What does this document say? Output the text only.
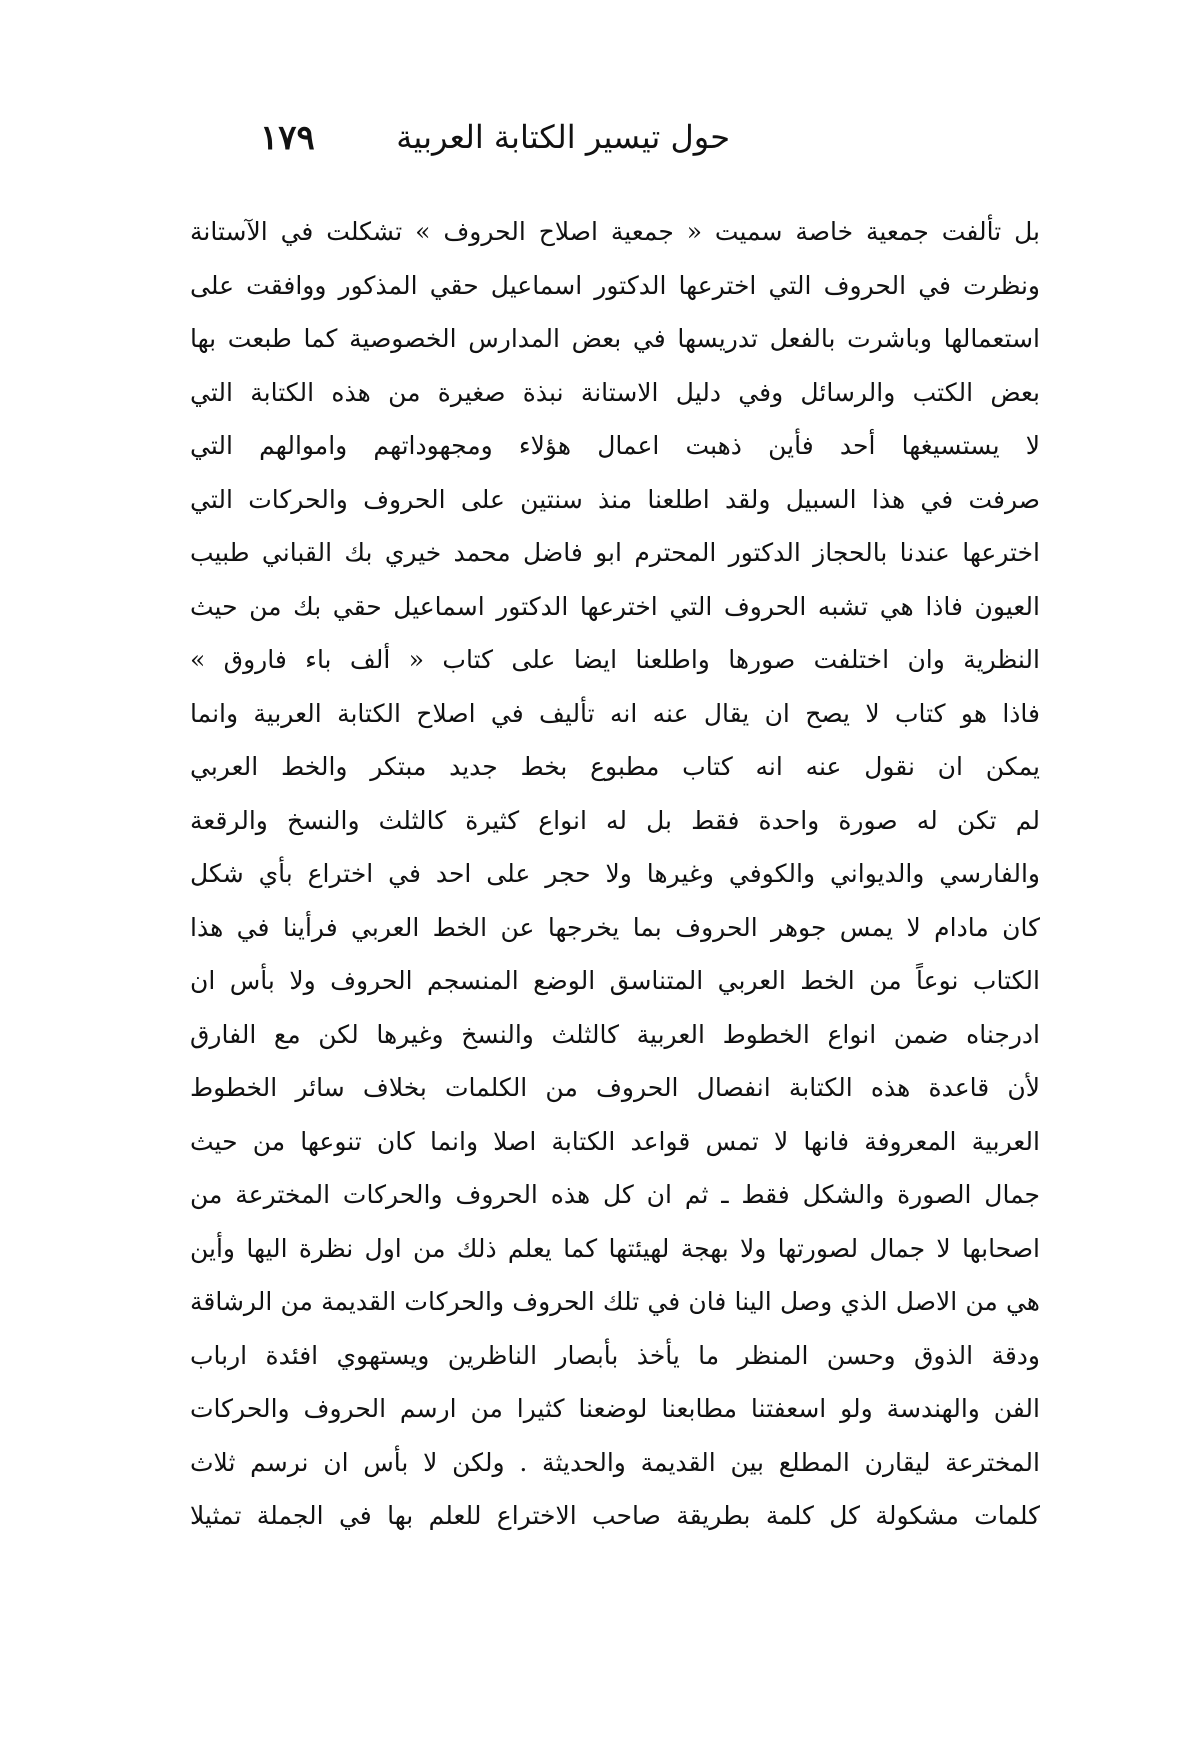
حول تيسير الكتابة العربية
١٧٩
بل تألفت جمعية خاصة سميت « جمعية اصلاح الحروف » تشكلت في الآستانة
ونظرت في الحروف التي اخترعها الدكتور اسماعيل حقي المذكور ووافقت على
استعمالها وباشرت بالفعل تدريسها في بعض المدارس الخصوصية كما طبعت بها
بعض الكتب والرسائل وفي دليل الاستانة نبذة صغيرة من هذه الكتابة التي
لا يستسيغها أحد فأين ذهبت اعمال هؤلاء ومجهوداتهم واموالهم التي
صرفت في هذا السبيل ولقد اطلعنا منذ سنتين على الحروف والحركات التي
اخترعها عندنا بالحجاز الدكتور المحترم ابو فاضل محمد خيري بك القباني طبيب
العيون فاذا هي تشبه الحروف التي اخترعها الدكتور اسماعيل حقي بك من حيث
النظرية وان اختلفت صورها واطلعنا ايضا على كتاب « ألف باء فاروق »
فاذا هو كتاب لا يصح ان يقال عنه انه تأليف في اصلاح الكتابة العربية وانما
يمكن ان نقول عنه انه كتاب مطبوع بخط جديد مبتكر والخط العربي
لم تكن له صورة واحدة فقط بل له انواع كثيرة كالثلث والنسخ والرقعة
والفارسي والديواني والكوفي وغيرها ولا حجر على احد في اختراع بأي شكل
كان مادام لا يمس جوهر الحروف بما يخرجها عن الخط العربي فرأينا في هذا
الكتاب نوعاً من الخط العربي المتناسق الوضع المنسجم الحروف ولا بأس ان
ادرجناه ضمن انواع الخطوط العربية كالثلث والنسخ وغيرها لكن مع الفارق
لأن قاعدة هذه الكتابة انفصال الحروف من الكلمات بخلاف سائر الخطوط
العربية المعروفة فانها لا تمس قواعد الكتابة اصلا وانما كان تنوعها من حيث
جمال الصورة والشكل فقط ـ ثم ان كل هذه الحروف والحركات المخترعة من
اصحابها لا جمال لصورتها ولا بهجة لهيئتها كما يعلم ذلك من اول نظرة اليها وأين
هي من الاصل الذي وصل الينا فان في تلك الحروف والحركات القديمة من الرشاقة
ودقة الذوق وحسن المنظر ما يأخذ بأبصار الناظرين ويستهوي افئدة ارباب
الفن والهندسة ولو اسعفتنا مطابعنا لوضعنا كثيرا من ارسم الحروف والحركات
المخترعة ليقارن المطلع بين القديمة والحديثة . ولكن لا بأس ان نرسم ثلاث
كلمات مشكولة كل كلمة بطريقة صاحب الاختراع للعلم بها في الجملة تمثيلا
